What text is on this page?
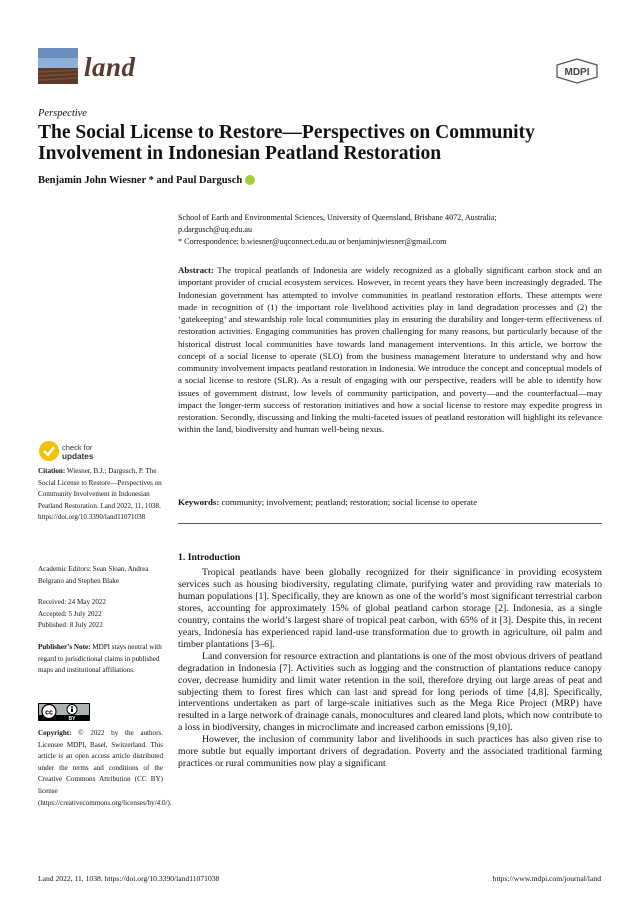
land	MDPI
Perspective
The Social License to Restore—Perspectives on Community Involvement in Indonesian Peatland Restoration
Benjamin John Wiesner * and Paul Dargusch
School of Earth and Environmental Sciences, University of Queensland, Brisbane 4072, Australia;
p.dargusch@uq.edu.au
* Correspondence: b.wiesner@uqconnect.edu.au or benjaminjwiesner@gmail.com
Abstract: The tropical peatlands of Indonesia are widely recognized as a globally significant carbon stock and an important provider of crucial ecosystem services. However, in recent years they have been increasingly degraded. The Indonesian government has attempted to involve communities in peatland restoration efforts. These attempts were made in recognition of (1) the important role livelihood activities play in land degradation processes and (2) the ‘gatekeeping’ and stewardship role local communities play in ensuring the durability and longer-term effectiveness of restoration activities. Engaging communities has proven challenging for many reasons, but particularly because of the historical distrust local communities have towards land management interventions. In this article, we borrow the concept of a social license to operate (SLO) from the business management literature to understand why and how community involvement impacts peatland restoration in Indonesia. We introduce the concept and conceptual models of a social license to restore (SLR). As a result of engaging with our perspective, readers will be able to identify how issues of government distrust, low levels of community participation, and poverty—and the counterfactual—may impact the longer-term success of restoration initiatives and how a social license to restore may expedite progress in restoration. Secondly, discussing and linking the multi-faceted issues of peatland restoration will highlight its relevance within the land, biodiversity and human well-being nexus.
Keywords: community; involvement; peatland; restoration; social license to operate
1. Introduction

Tropical peatlands have been globally recognized for their significance in providing ecosystem services such as housing biodiversity, regulating climate, purifying water and providing raw materials to human populations [1]. Specifically, they are known as one of the world’s most significant terrestrial carbon stores, accounting for approximately 15% of global peatland carbon storage [2]. Indonesia, as a single country, contains the world’s largest share of tropical peat carbon, with 65% of it [3]. Despite this, in recent years, Indonesia has experienced rapid land-use transformation due to growth in agriculture, oil palm and timber plantations [3–6].

Land conversion for resource extraction and plantations is one of the most obvious drivers of peatland degradation in Indonesia [7]. Activities such as logging and the construction of plantations reduce canopy cover, decrease humidity and limit water retention in the soil, therefore drying out large areas of peat and subjecting them to forest fires which can last and spread for long periods of time [4,8]. Specifically, interventions undertaken as part of large-scale initiatives such as the Mega Rice Project (MRP) have resulted in a large network of drainage canals, monocultures and cleared land plots, which now contribute to a loss in biodiversity, changes in microclimate and increased carbon emissions [9,10].

However, the inclusion of community labor and livelihoods in such practices has also given rise to more subtle but equally important drivers of degradation. Poverty and the associated traditional farming practices or rural communities now play a significant

check for
updates

Citation: Wiesner, B.J.; Dargusch, P. The Social License to Restore—Perspectives on Community Involvement in Indonesian Peatland Restoration. Land 2022, 11, 1038. https://doi.org/10.3390/land11071038

Academic Editors: Sean Sloan, Andrea Belgrano and Stephen Blake

Received: 24 May 2022

Accepted: 5 July 2022

Published: 8 July 2022

Publisher’s Note: MDPI stays neutral with regard to jurisdictional claims in published maps and institutional affiliations.

cc
BY

Copyright: © 2022 by the authors. Licensee MDPI, Basel, Switzerland. This article is an open access article distributed under the terms and conditions of the Creative Commons Attribution (CC BY) license (https://creativecommons.org/licenses/by/4.0/).

Land 2022, 11, 1038. https://doi.org/10.3390/land11071038	https://www.mdpi.com/journal/land
